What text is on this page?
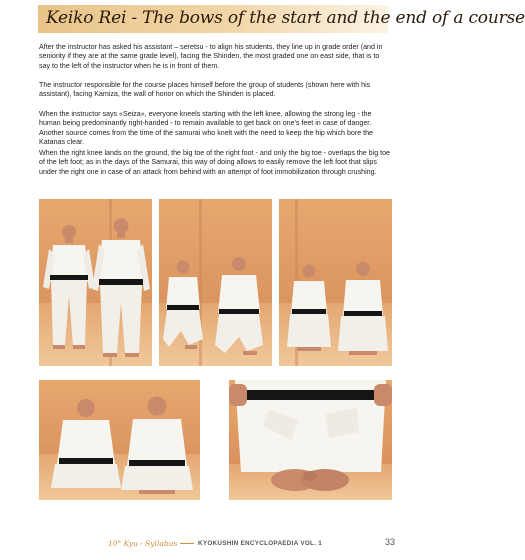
Keiko Rei - The bows of the start and the end of a course

After the instructor has asked his assistant – seretsu - to align his students, they line up in grade order (and in seniority if they are at the same grade level), facing the Shinden, the most graded one on east side, that is to say to the left of the instructor when he is in front of them.

The instructor responsible for the course places himself before the group of students (shown here with his assistant), facing Kamiza, the wall of honor on which the Shinden is placed.

When the instructor says «Seiza», everyone kneels starting with the left knee, allowing the strong leg - the human being predominantly right-handed - to remain available to get back on one's feet in case of danger. Another source comes from the time of the samurai who knelt with the need to keep the hip which bore the Katanas clear.

When the right knee lands on the ground, the big toe of the right foot - and only the big toe - overlaps the big toe of the left foot; as in the days of the Samurai, this way of doing allows to easily remove the left foot that slips under the right one in case of an attack from behind with an attempt of foot immobilization through crushing.

10° Kyu - Syllabus	KYOKUSHIN ENCYCLOPAEDIA VOL. 1	33
